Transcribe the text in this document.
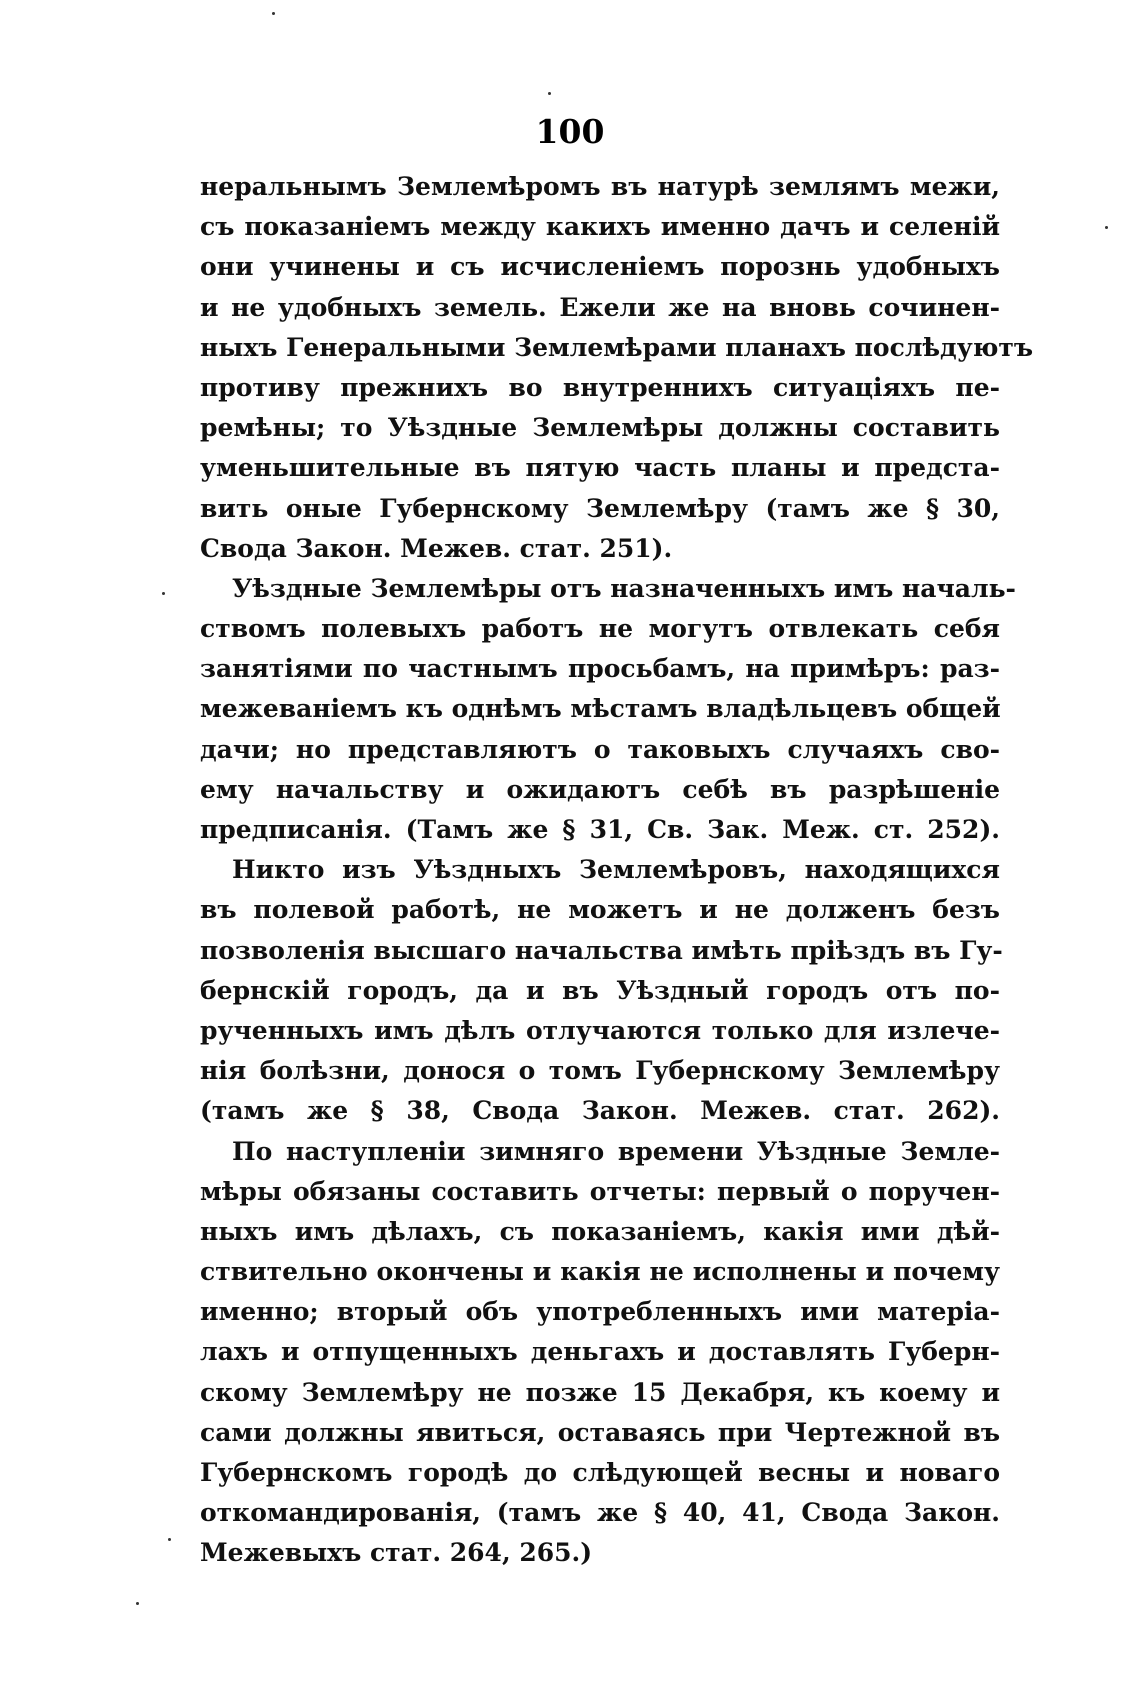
100
неральнымъ Землемѣромъ въ натурѣ землямъ межи,
съ показаніемъ между какихъ именно дачъ и селеній
они учинены и съ исчисленіемъ порознь удобныхъ
и не удобныхъ земель. Ежели же на вновь сочинен-
ныхъ Генеральными Землемѣрами планахъ послѣдуютъ
противу прежнихъ во внутреннихъ ситуаціяхъ пе-
ремѣны; то Уѣздные Землемѣры должны составить
уменьшительные въ пятую часть планы и предста-
вить оные Губернскому Землемѣру (тамъ же § 30,
Свода Закон. Межев. стат. 251).
Уѣздные Землемѣры отъ назначенныхъ имъ началь-
ствомъ полевыхъ работъ не могутъ отвлекать себя
занятіями по частнымъ просьбамъ, на примѣръ: раз-
межеваніемъ къ однѣмъ мѣстамъ владѣльцевъ общей
дачи; но представляютъ о таковыхъ случаяхъ сво-
ему начальству и ожидаютъ себѣ въ разрѣшеніе
предписанія. (Тамъ же § 31, Св. Зак. Меж. ст. 252).
Никто изъ Уѣздныхъ Землемѣровъ, находящихся
въ полевой работѣ, не можетъ и не долженъ безъ
позволенія высшаго начальства имѣть пріѣздъ въ Гу-
бернскій городъ, да и въ Уѣздный городъ отъ по-
рученныхъ имъ дѣлъ отлучаются только для излече-
нія болѣзни, донося о томъ Губернскому Землемѣру
(тамъ же § 38, Свода Закон. Межев. стат. 262).
По наступленіи зимняго времени Уѣздные Земле-
мѣры обязаны составить отчеты: первый о поручен-
ныхъ имъ дѣлахъ, съ показаніемъ, какія ими дѣй-
ствительно окончены и какія не исполнены и почему
именно; вторый объ употребленныхъ ими матеріа-
лахъ и отпущенныхъ деньгахъ и доставлять Губерн-
скому Землемѣру не позже 15 Декабря, къ коему и
сами должны явиться, оставаясь при Чертежной въ
Губернскомъ городѣ до слѣдующей весны и новаго
откомандированія, (тамъ же § 40, 41, Свода Закон.
Межевыхъ стат. 264, 265.)
